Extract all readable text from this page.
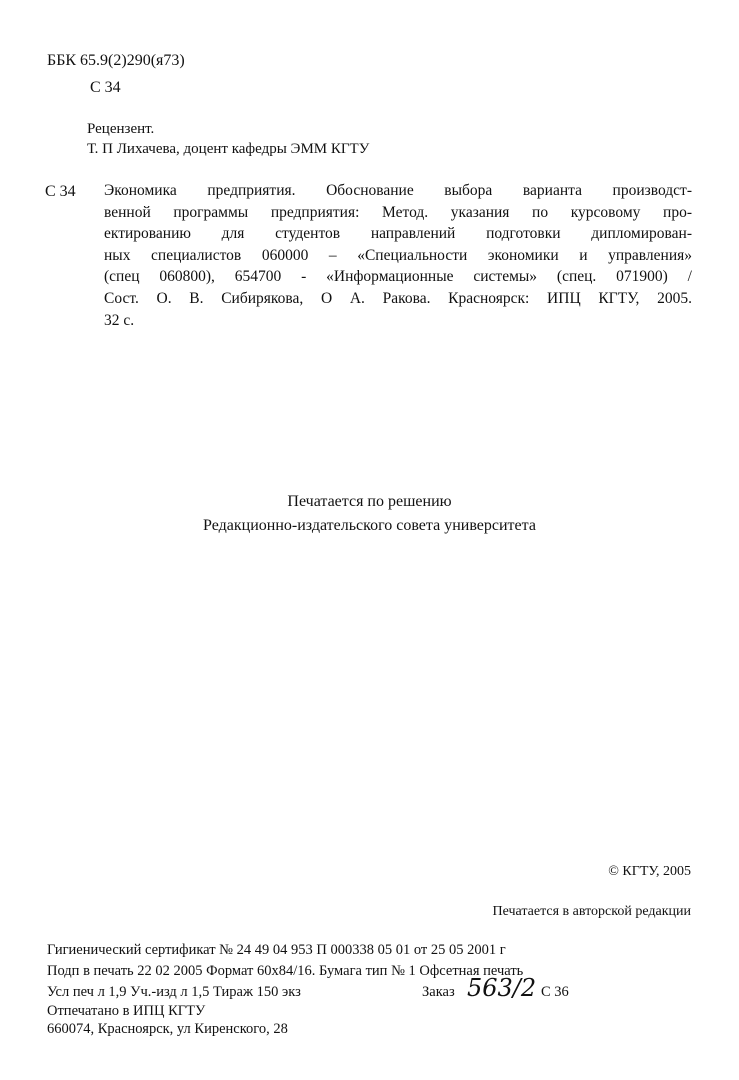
ББК 65.9(2)290(я73)
С 34
Рецензент.
Т. П Лихачева, доцент кафедры ЭММ КГТУ
С 34 Экономика предприятия. Обоснование выбора варианта производст-
венной программы предприятия: Метод. указания по курсовому про-
ектированию для студентов направлений подготовки дипломирован-
ных специалистов 060000 – «Специальности экономики и управления»
(спец 060800), 654700 - «Информационные системы» (спец. 071900) /
Сост. О. В. Сибирякова, О А. Ракова. Красноярск: ИПЦ КГТУ, 2005.
32 с.
Печатается по решению
Редакционно-издательского совета университета
© КГТУ, 2005
Печатается в авторской редакции
Гигиенический сертификат № 24 49 04 953 П 000338 05 01 от 25 05 2001 г
Подп в печать 22 02 2005 Формат 60х84/16. Бумага тип № 1 Офсетная печать
Усл печ л 1,9 Уч.-изд л 1,5 Тираж 150 экз	Заказ 563/2 С 36
Отпечатано в ИПЦ КГТУ
660074, Красноярск, ул Киренского, 28
